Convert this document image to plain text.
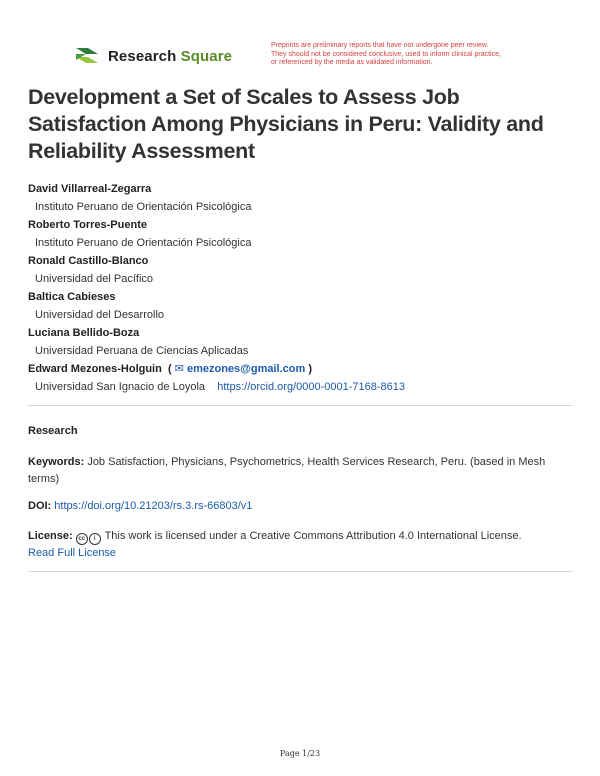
Research Square
Preprints are preliminary reports that have not undergone peer review.
They should not be considered conclusive, used to inform clinical practice,
or referenced by the media as validated information.
Development a Set of Scales to Assess Job Satisfaction Among Physicians in Peru: Validity and Reliability Assessment
David Villarreal-Zegarra
Instituto Peruano de Orientación Psicológica
Roberto Torres-Puente
Instituto Peruano de Orientación Psicológica
Ronald Castillo-Blanco
Universidad del Pacífico
Baltica Cabieses
Universidad del Desarrollo
Luciana Bellido-Boza
Universidad Peruana de Ciencias Aplicadas
Edward Mezones-Holguin  ( ✉ emezones@gmail.com )
Universidad San Ignacio de Loyola https://orcid.org/0000-0001-7168-8613
Research
Keywords: Job Satisfaction, Physicians, Psychometrics, Health Services Research, Peru. (based in Mesh terms)
DOI: https://doi.org/10.21203/rs.3.rs-66803/v1
License: cc i This work is licensed under a Creative Commons Attribution 4.0 International License.
Read Full License
Page 1/23
